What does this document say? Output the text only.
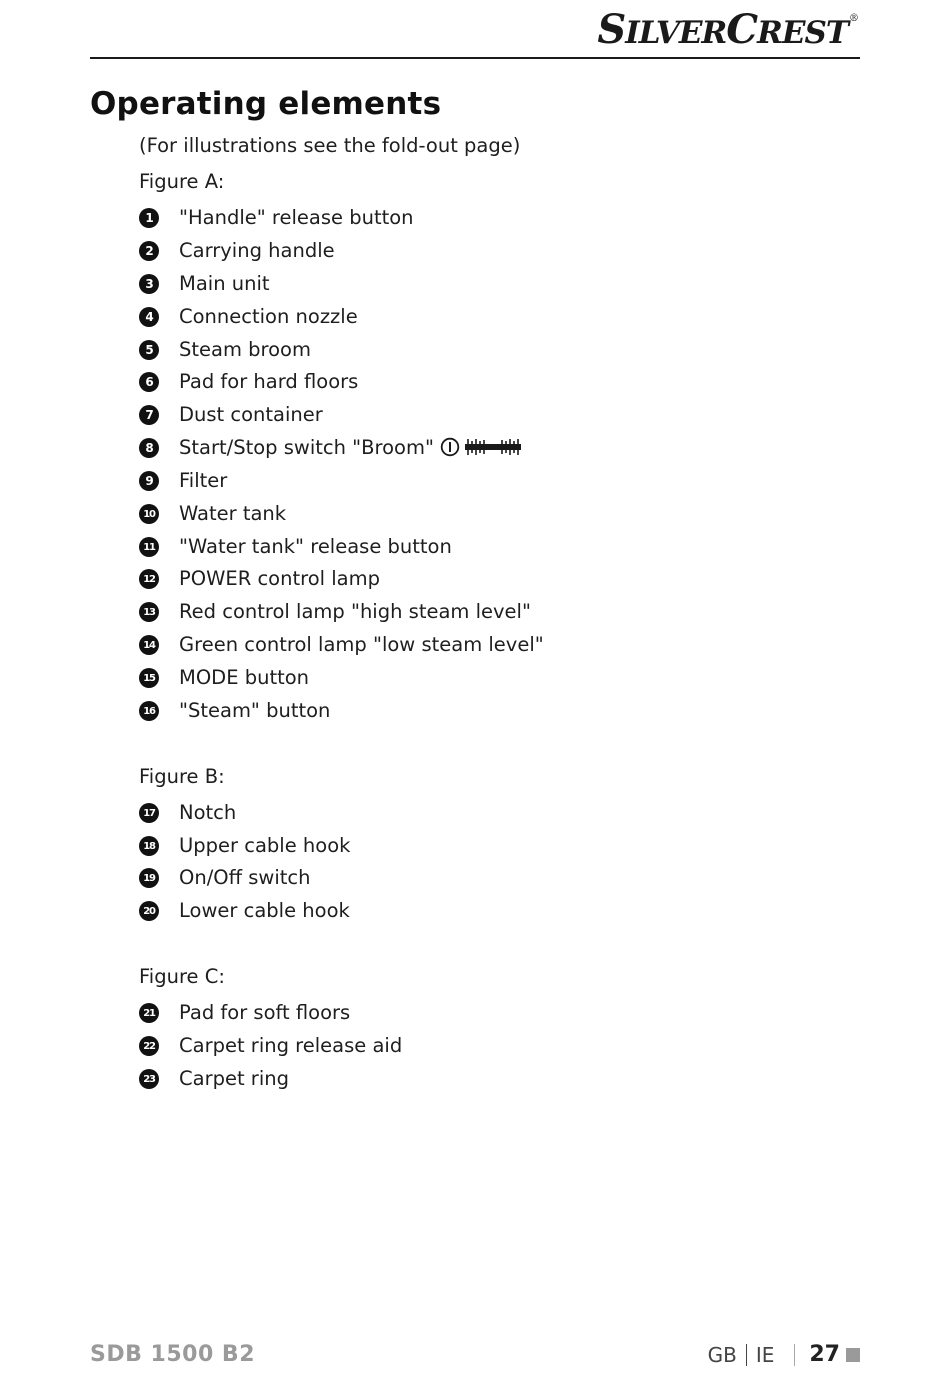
SILVERCREST®
Operating elements
(For illustrations see the fold-out page)
Figure A:
1	"Handle" release button
2	Carrying handle
3	Main unit
4	Connection nozzle
5	Steam broom
6	Pad for hard floors
7	Dust container
8	Start/Stop switch "Broom"
9	Filter
10 Water tank
11 "Water tank" release button
12 POWER control lamp
13 Red control lamp "high steam level"
14 Green control lamp "low steam level"
15 MODE button
16 "Steam" button
Figure B:
17 Notch
18 Upper cable hook
19 On/Off switch
20 Lower cable hook
Figure C:
21 Pad for soft floors
22 Carpet ring release aid
23 Carpet ring
SDB 1500 B2	GB IE 27
